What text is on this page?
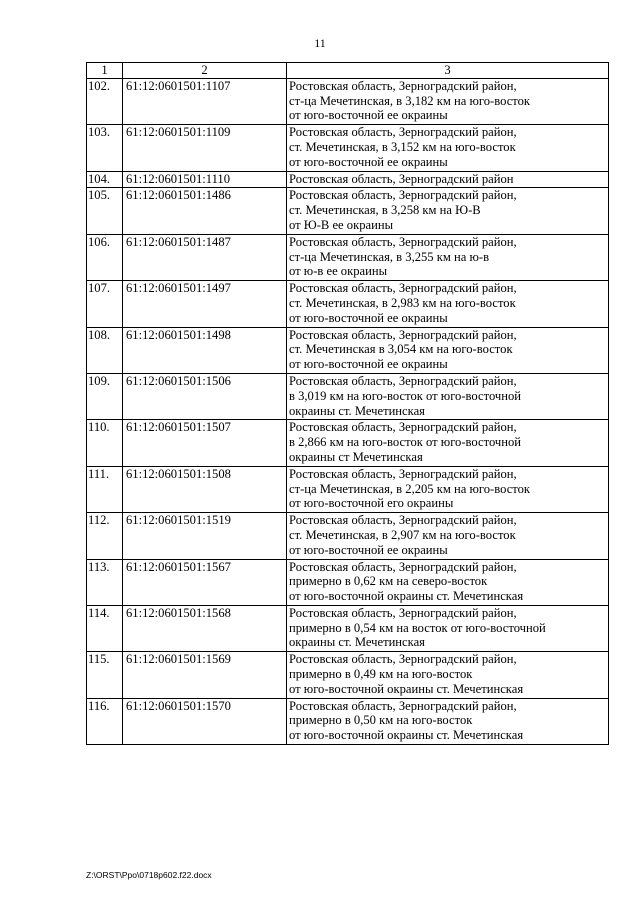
11
1	2	3
102.	61:12:0601501:1107	Ростовская область, Зерноградский район,
ст-ца Мечетинская, в 3,182 км на юго-восток
от юго-восточной ее окраины
103.	61:12:0601501:1109	Ростовская область, Зерноградский район,
ст. Мечетинская, в 3,152 км на юго-восток
от юго-восточной ее окраины
104.	61:12:0601501:1110	Ростовская область, Зерноградский район
105.	61:12:0601501:1486	Ростовская область, Зерноградский район,
ст. Мечетинская, в 3,258 км на Ю-В
от Ю-В ее окраины
106.	61:12:0601501:1487	Ростовская область, Зерноградский район,
ст-ца Мечетинская, в 3,255 км на ю-в
от ю-в ее окраины
107.	61:12:0601501:1497	Ростовская область, Зерноградский район,
ст. Мечетинская, в 2,983 км на юго-восток
от юго-восточной ее окраины
108.	61:12:0601501:1498	Ростовская область, Зерноградский район,
ст. Мечетинская в 3,054 км на юго-восток
от юго-восточной ее окраины
109.	61:12:0601501:1506	Ростовская область, Зерноградский район,
в 3,019 км на юго-восток от юго-восточной
окраины ст. Мечетинская
110.	61:12:0601501:1507	Ростовская область, Зерноградский район,
в 2,866 км на юго-восток от юго-восточной
окраины ст Мечетинская
111.	61:12:0601501:1508	Ростовская область, Зерноградский район,
ст-ца Мечетинская, в 2,205 км на юго-восток
от юго-восточной его окраины
112.	61:12:0601501:1519	Ростовская область, Зерноградский район,
ст. Мечетинская, в 2,907 км на юго-восток
от юго-восточной ее окраины
113.	61:12:0601501:1567	Ростовская область, Зерноградский район,
примерно в 0,62 км на северо-восток
от юго-восточной окраины ст. Мечетинская
114.	61:12:0601501:1568	Ростовская область, Зерноградский район,
примерно в 0,54 км на восток от юго-восточной
окраины ст. Мечетинская
115.	61:12:0601501:1569	Ростовская область, Зерноградский район,
примерно в 0,49 км на юго-восток
от юго-восточной окраины ст. Мечетинская
116.	61:12:0601501:1570	Ростовская область, Зерноградский район,
примерно в 0,50 км на юго-восток
от юго-восточной окраины ст. Мечетинская
Z:\ORST\Ppo\0718p602.f22.docx
